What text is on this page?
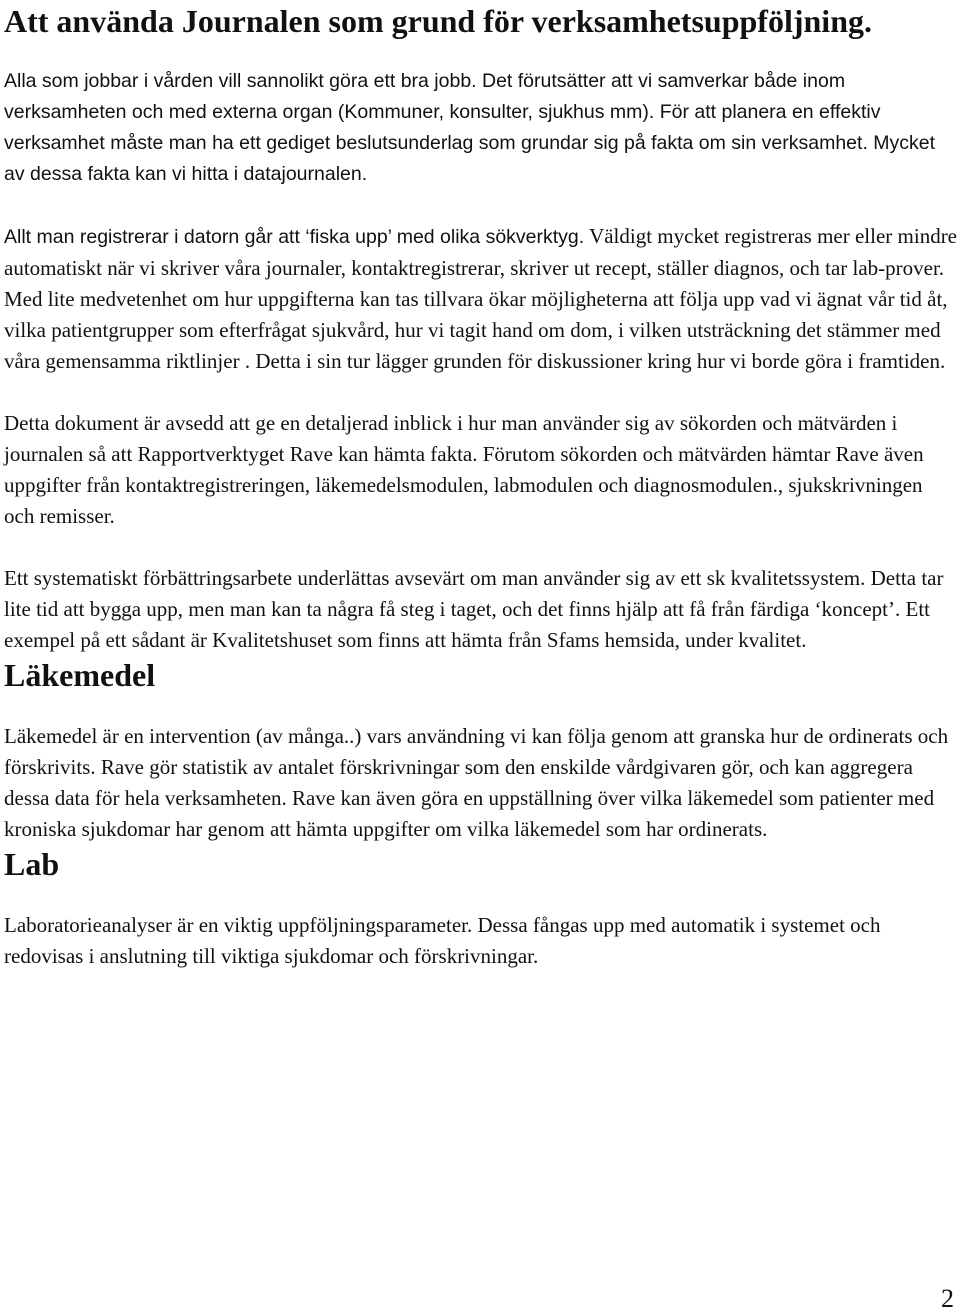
Att använda Journalen som grund för verksamhetsuppföljning.

Alla som jobbar i vården vill sannolikt göra ett bra jobb. Det förutsätter att vi samverkar både inom verksamheten och med externa organ (Kommuner, konsulter, sjukhus mm). För att planera en effektiv verksamhet måste man ha ett gediget beslutsunderlag som grundar sig på fakta om sin verksamhet. Mycket av dessa fakta kan vi hitta i datajournalen.

Allt man registrerar i datorn går att ‘fiska upp’ med olika sökverktyg. Väldigt mycket registreras mer eller mindre automatiskt när vi skriver våra journaler, kontaktregistrerar, skriver ut recept, ställer diagnos, och tar lab-prover. Med lite medvetenhet om hur uppgifterna kan tas tillvara ökar möjligheterna att följa upp vad vi ägnat vår tid åt, vilka patientgrupper som efterfrågat sjukvård, hur vi tagit hand om dom, i vilken utsträckning det stämmer med våra gemensamma riktlinjer . Detta i sin tur lägger grunden för diskussioner kring hur vi borde göra i framtiden.

Detta dokument är avsedd att ge en detaljerad inblick i hur man använder sig av sökorden och mätvärden i journalen så att Rapportverktyget Rave kan hämta fakta. Förutom sökorden och mätvärden hämtar Rave även uppgifter från kontaktregistreringen, läkemedelsmodulen, labmodulen och diagnosmodulen., sjukskrivningen och remisser.

Ett systematiskt förbättringsarbete underlättas avsevärt om man använder sig av ett sk kvalitetssystem. Detta tar lite tid att bygga upp, men man kan ta några få steg i taget, och det finns hjälp att få från färdiga ‘koncept’. Ett exempel på ett sådant är Kvalitetshuset som finns att hämta från Sfams hemsida, under kvalitet.

Läkemedel

Läkemedel är en intervention (av många..) vars användning vi kan följa genom att granska hur de ordinerats och förskrivits. Rave gör statistik av antalet förskrivningar som den enskilde vårdgivaren gör, och kan aggregera dessa data för hela verksamheten. Rave kan även göra en uppställning över vilka läkemedel som patienter med kroniska sjukdomar har genom att hämta uppgifter om vilka läkemedel som har ordinerats.

Lab

Laboratorieanalyser är en viktig uppföljningsparameter. Dessa fångas upp med automatik i systemet och redovisas i anslutning till viktiga sjukdomar och förskrivningar.

2
